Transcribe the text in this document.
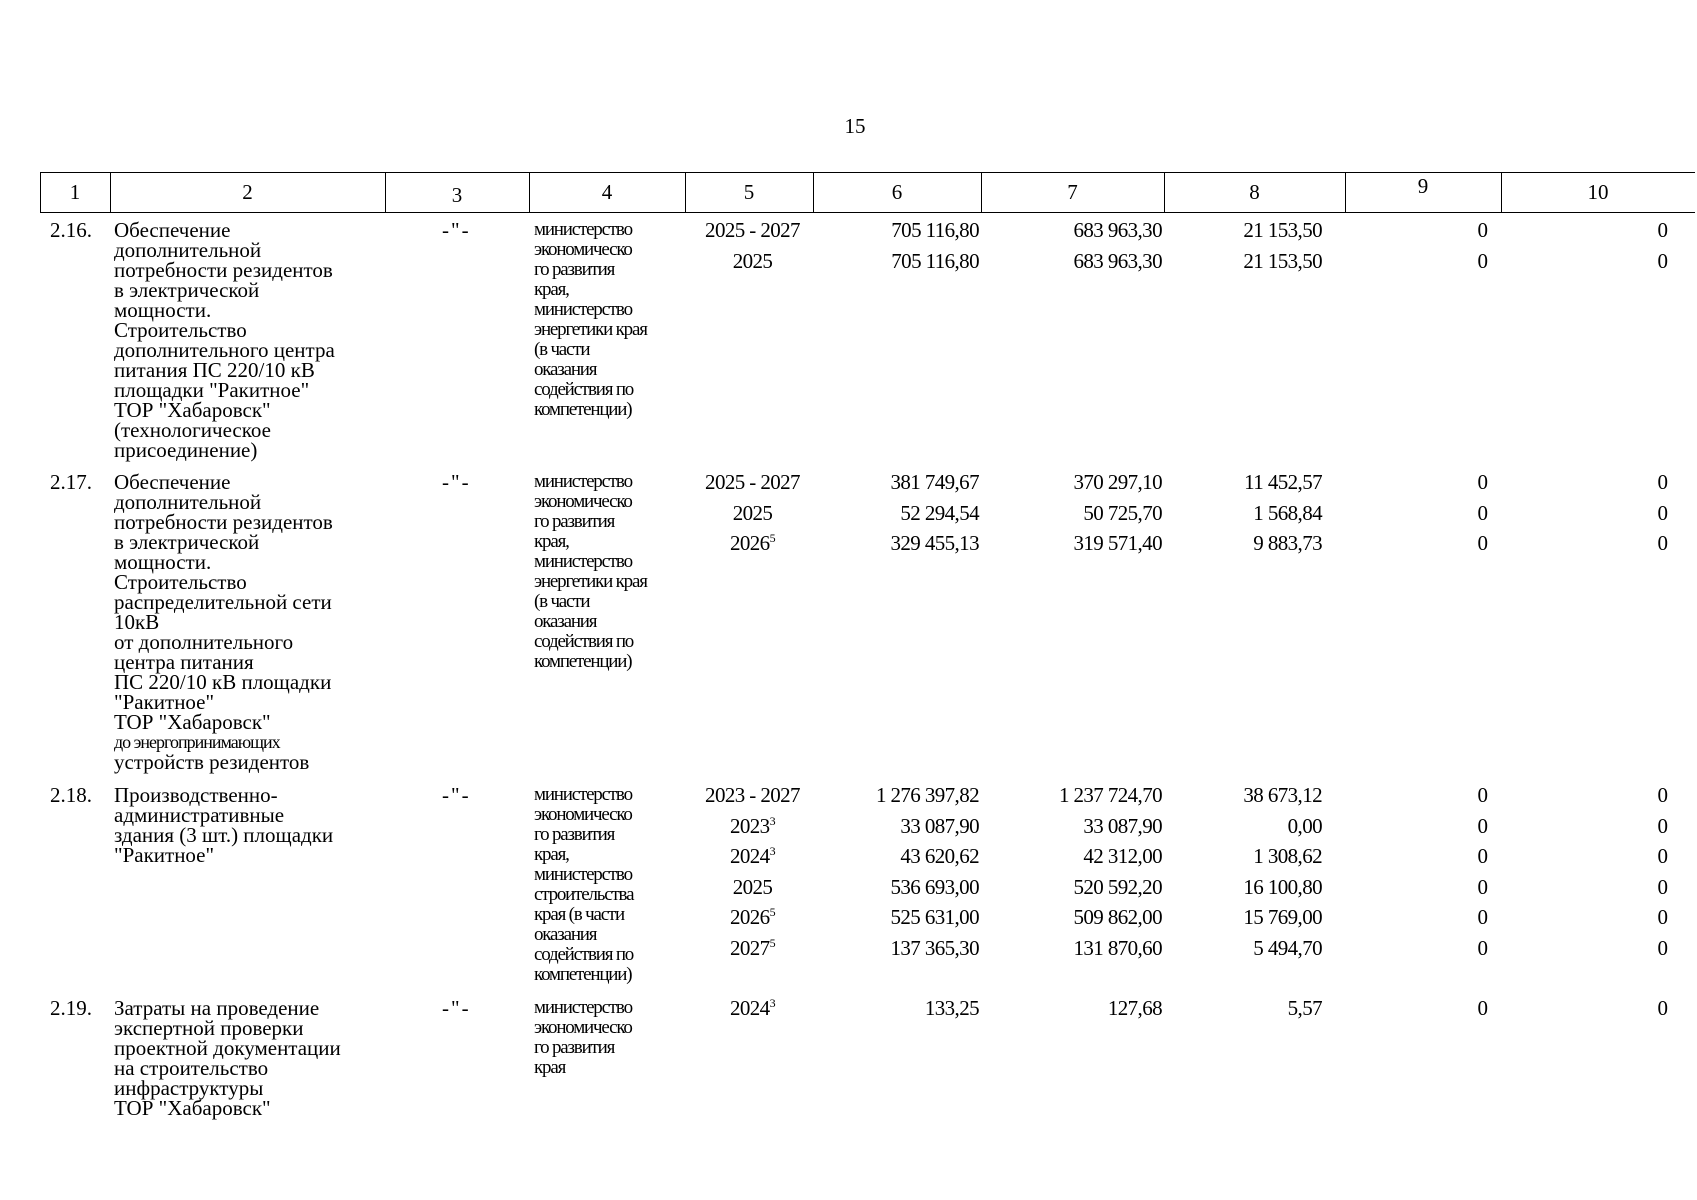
15
1	2	3	4	5	6	7	8	9	10
2.16. Обеспечение
дополнительной
потребности резидентов
в электрической
мощности.
Строительство
дополнительного центра
питания ПС 220/10 кВ
площадки "Ракитное"
ТОР "Хабаровск"
(технологическое
присоединение)
-"-	министерство
экономическо
го развития
края,
министерство
энергетики края
(в части
оказания
содействия по
компетенции)
2025 - 2027	705 116,80	683 963,30	21 153,50	0	0
2025	705 116,80	683 963,30	21 153,50	0	0
2.17. Обеспечение
дополнительной
потребности резидентов
в электрической
мощности.
Строительство
распределительной сети
10кВ
от дополнительного
центра питания
ПС 220/10 кВ площадки
"Ракитное"
ТОР "Хабаровск"
до энергопринимающих
устройств резидентов
-"-	министерство
экономическо
го развития
края,
министерство
энергетики края
(в части
оказания
содействия по
компетенции)
2025 - 2027	381 749,67	370 297,10	11 452,57	0	0
2025	52 294,54	50 725,70	1 568,84	0	0
2026$^5$	329 455,13	319 571,40	9 883,73	0	0
2.18. Производственно-
административные
здания (3 шт.) площадки
"Ракитное"
-"-	министерство
экономическо
го развития
края,
министерство
строительства
края (в части
оказания
содействия по
компетенции)
2023 - 2027	1 276 397,82	1 237 724,70	38 673,12	0	0
2023$^3$	33 087,90	33 087,90	0,00	0	0
2024$^3$	43 620,62	42 312,00	1 308,62	0	0
2025	536 693,00	520 592,20	16 100,80	0	0
2026$^5$	525 631,00	509 862,00	15 769,00	0	0
2027$^5$	137 365,30	131 870,60	5 494,70	0	0
2.19. Затраты на проведение
экспертной проверки
проектной документации
на строительство
инфраструктуры
ТОР "Хабаровск"
-"-	министерство
экономическо
го развития
края
2024$^3$	133,25	127,68	5,57	0	0
